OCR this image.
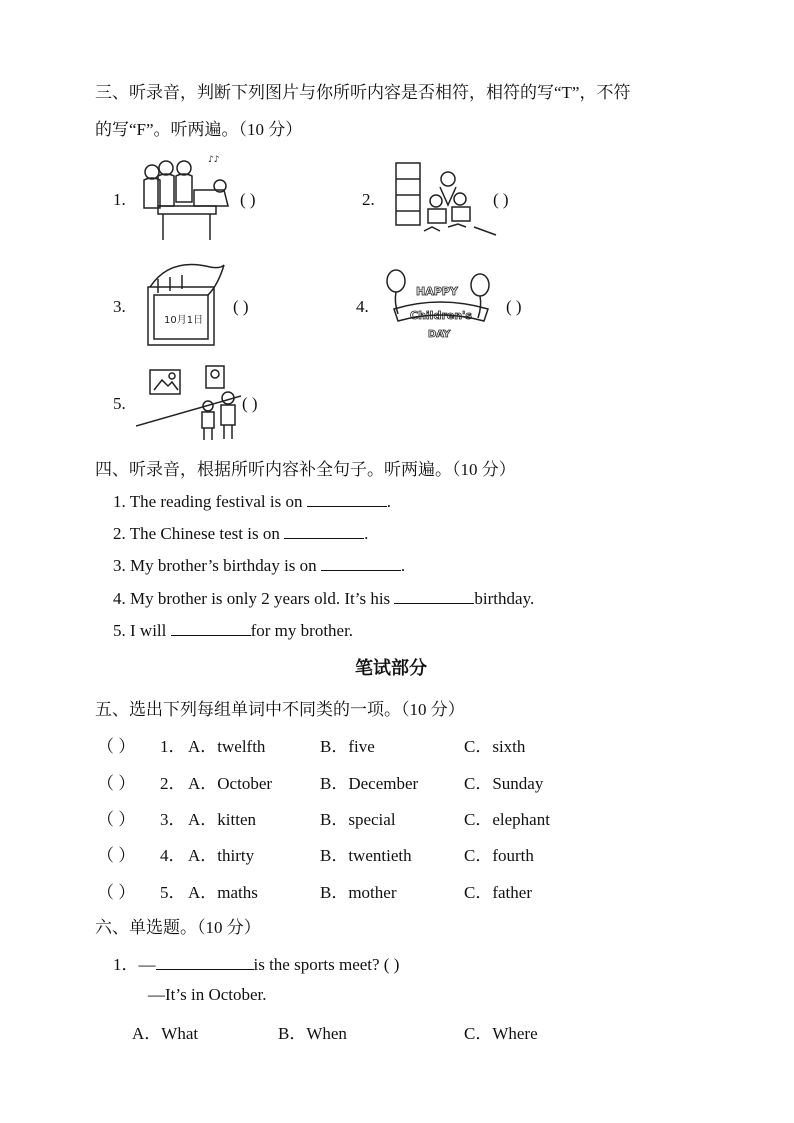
三、听录音，判断下列图片与你所听内容是否相符，相符的写“T”，不符
的写“F”。听两遍。（10 分）
1.
♪♪
( )	2.	( )
3.
10月1日
( )	4.
HAPPY
Children's
DAY
( )
5.	( )
四、听录音，根据所听内容补全句子。听两遍。（10 分）
1. The reading festival is on	.
2. The Chinese test is on	.
3. My brother’s birthday is on	.
4. My brother is only 2 years old. It’s his	birthday.
5. I will	for my brother.
笔试部分
五、选出下列每组单词中不同类的一项。（10 分）
（ ） 1． A．twelfth	B．five	C．sixth
（ ） 2． A．October	B．December	C．Sunday
（ ） 3． A．kitten	B．special	C．elephant
（ ） 4． A．thirty	B．twentieth	C．fourth
（ ） 5． A．maths	B．mother	C．father
六、单选题。（10 分）
1．—	is the sports meet? ( )
—It’s in October.
A．What	B．When	C．Where
